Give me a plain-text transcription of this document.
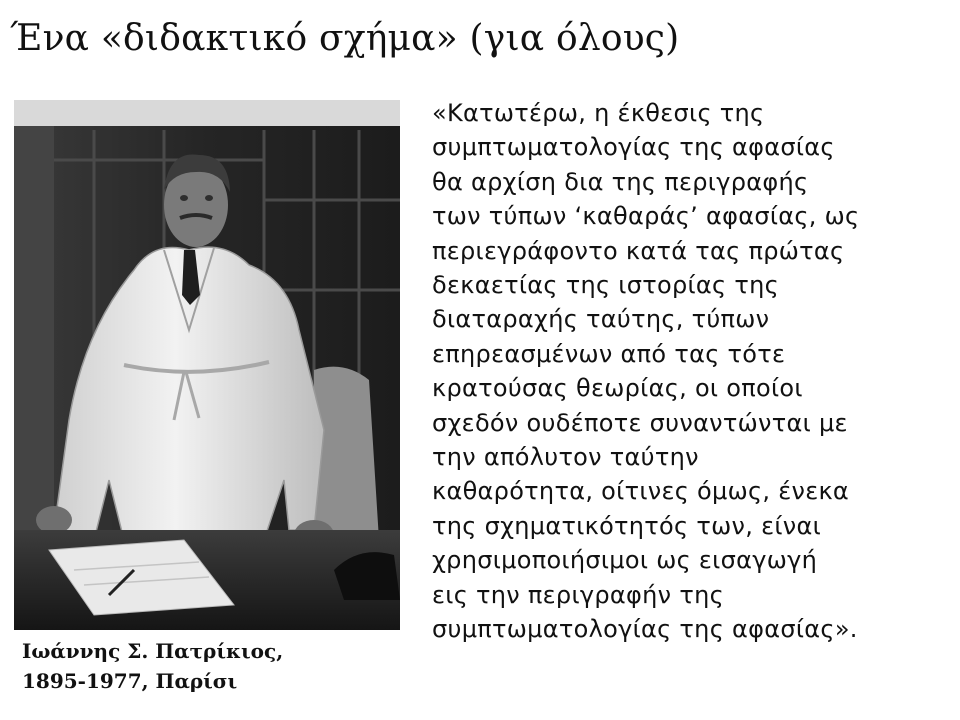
Ένα «διδακτικό σχήμα» (για όλους)
Ιωάννης Σ. Πατρίκιος,
1895-1977, Παρίσι
«Κατωτέρω, η έκθεσις της
συμπτωματολογίας της αφασίας
θα αρχίση δια της περιγραφής
των τύπων ‘καθαράς’ αφασίας, ως
περιεγράφοντο κατά τας πρώτας
δεκαετίας της ιστορίας της
διαταραχής ταύτης, τύπων
επηρεασμένων από τας τότε
κρατούσας θεωρίας, οι οποίοι
σχεδόν ουδέποτε συναντώνται με
την απόλυτον ταύτην
καθαρότητα, οίτινες όμως, ένεκα
της σχηματικότητός των, είναι
χρησιμοποιήσιμοι ως εισαγωγή
εις την περιγραφήν της
συμπτωματολογίας της αφασίας».
